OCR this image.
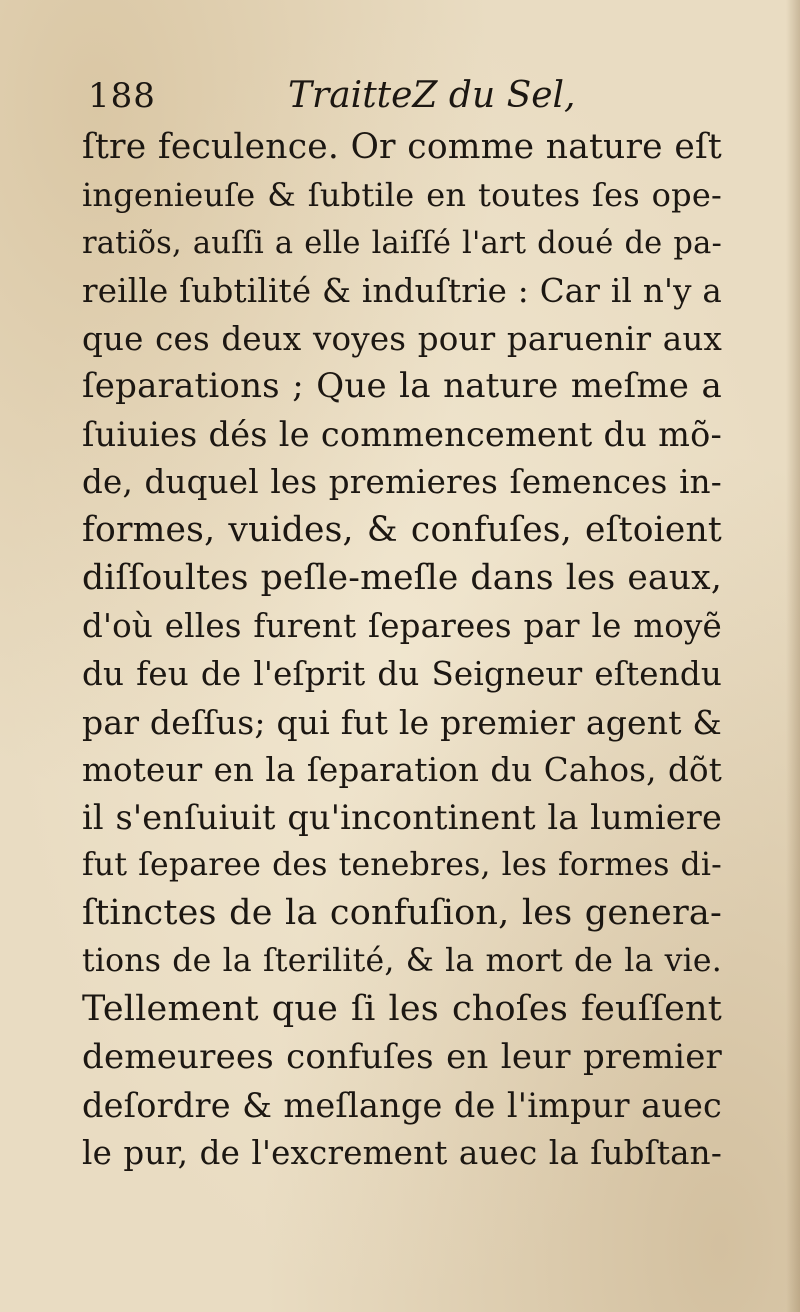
188	TraitteZ du Sel,
ſtre feculence. Or comme nature eſt
ingenieuſe & ſubtile en toutes ſes ope-
ratiõs, auſſi a elle laiſſé l'art doué de pa-
reille ſubtilité & induſtrie : Car il n'y a
que ces deux voyes pour paruenir aux
ſeparations ; Que la nature meſme a
ſuiuies dés le commencement du mõ-
de, duquel les premieres ſemences in-
formes, vuides, & confuſes, eſtoient
diſſoultes peſle-meſle dans les eaux,
d'où elles furent ſeparees par le moyẽ
du feu de l'eſprit du Seigneur eſtendu
par deſſus; qui fut le premier agent &
moteur en la ſeparation du Cahos, dõt
il s'enſuiuit qu'incontinent la lumiere
fut ſeparee des tenebres, les formes di-
ſtinctes de la confuſion, les genera-
tions de la ſterilité, & la mort de la vie.
Tellement que ſi les choſes feuſſent
demeurees confuſes en leur premier
deſordre & meſlange de l'impur auec
le pur, de l'excrement auec la ſubſtan-
